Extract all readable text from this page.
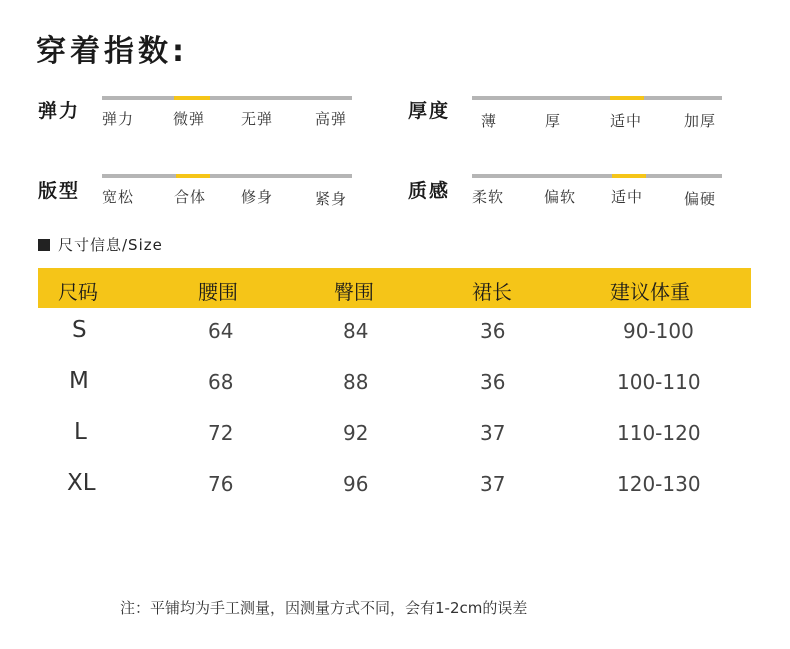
穿着指数:
弹力 弹力	微弹 无弹	高弹	厚度 薄	厚	适中	加厚
版型 宽松	合体 修身	紧身	质感 柔软	偏软 适中	偏硬
尺寸信息/Size
尺码	腰围	臀围	裙长	建议体重
S	64	84	36	90-100
M	68	88	36	100-110
L	72	92	37	110-120
XL	76	96	37	120-130
注：平铺均为手工测量，因测量方式不同，会有1-2cm的误差
